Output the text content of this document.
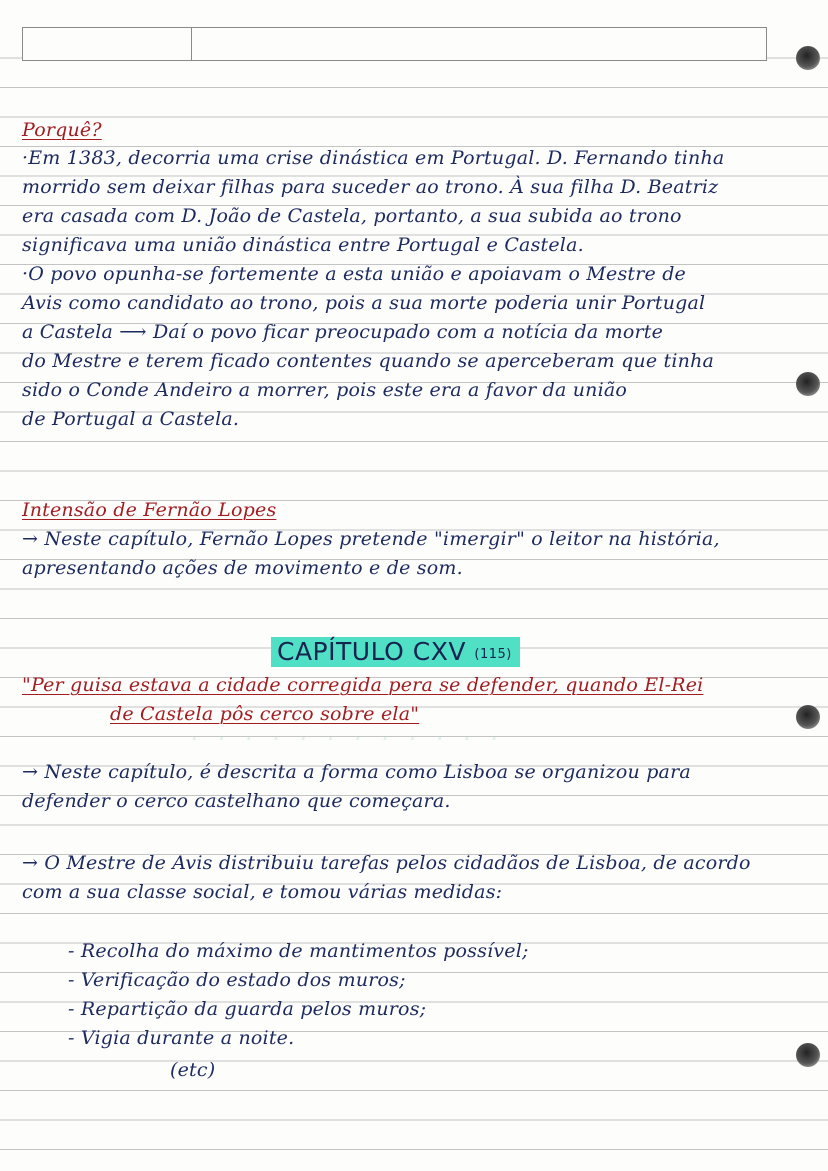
· · · · · · · · · · · ·
Porquê?
·Em 1383, decorria uma crise dinástica em Portugal. D. Fernando tinha
morrido sem deixar filhas para suceder ao trono. À sua filha D. Beatriz
era casada com D. João de Castela, portanto, a sua subida ao trono
significava uma união dinástica entre Portugal e Castela.
·O povo opunha-se fortemente a esta união e apoiavam o Mestre de
Avis como candidato ao trono, pois a sua morte poderia unir Portugal
a Castela ⟶ Daí o povo ficar preocupado com a notícia da morte
do Mestre e terem ficado contentes quando se aperceberam que tinha
sido o Conde Andeiro a morrer, pois este era a favor da união
de Portugal a Castela.
Intensão de Fernão Lopes
→ Neste capítulo, Fernão Lopes pretende "imergir" o leitor na história,
apresentando ações de movimento e de som.
CAPÍTULO CXV (115)
"Per guisa estava a cidade corregida pera se defender, quando El-Rei
de Castela pôs cerco sobre ela"
→ Neste capítulo, é descrita a forma como Lisboa se organizou para
defender o cerco castelhano que começara.
→ O Mestre de Avis distribuiu tarefas pelos cidadãos de Lisboa, de acordo
com a sua classe social, e tomou várias medidas:
- Recolha do máximo de mantimentos possível;
- Verificação do estado dos muros;
- Repartição da guarda pelos muros;
- Vigia durante a noite.
(etc)
